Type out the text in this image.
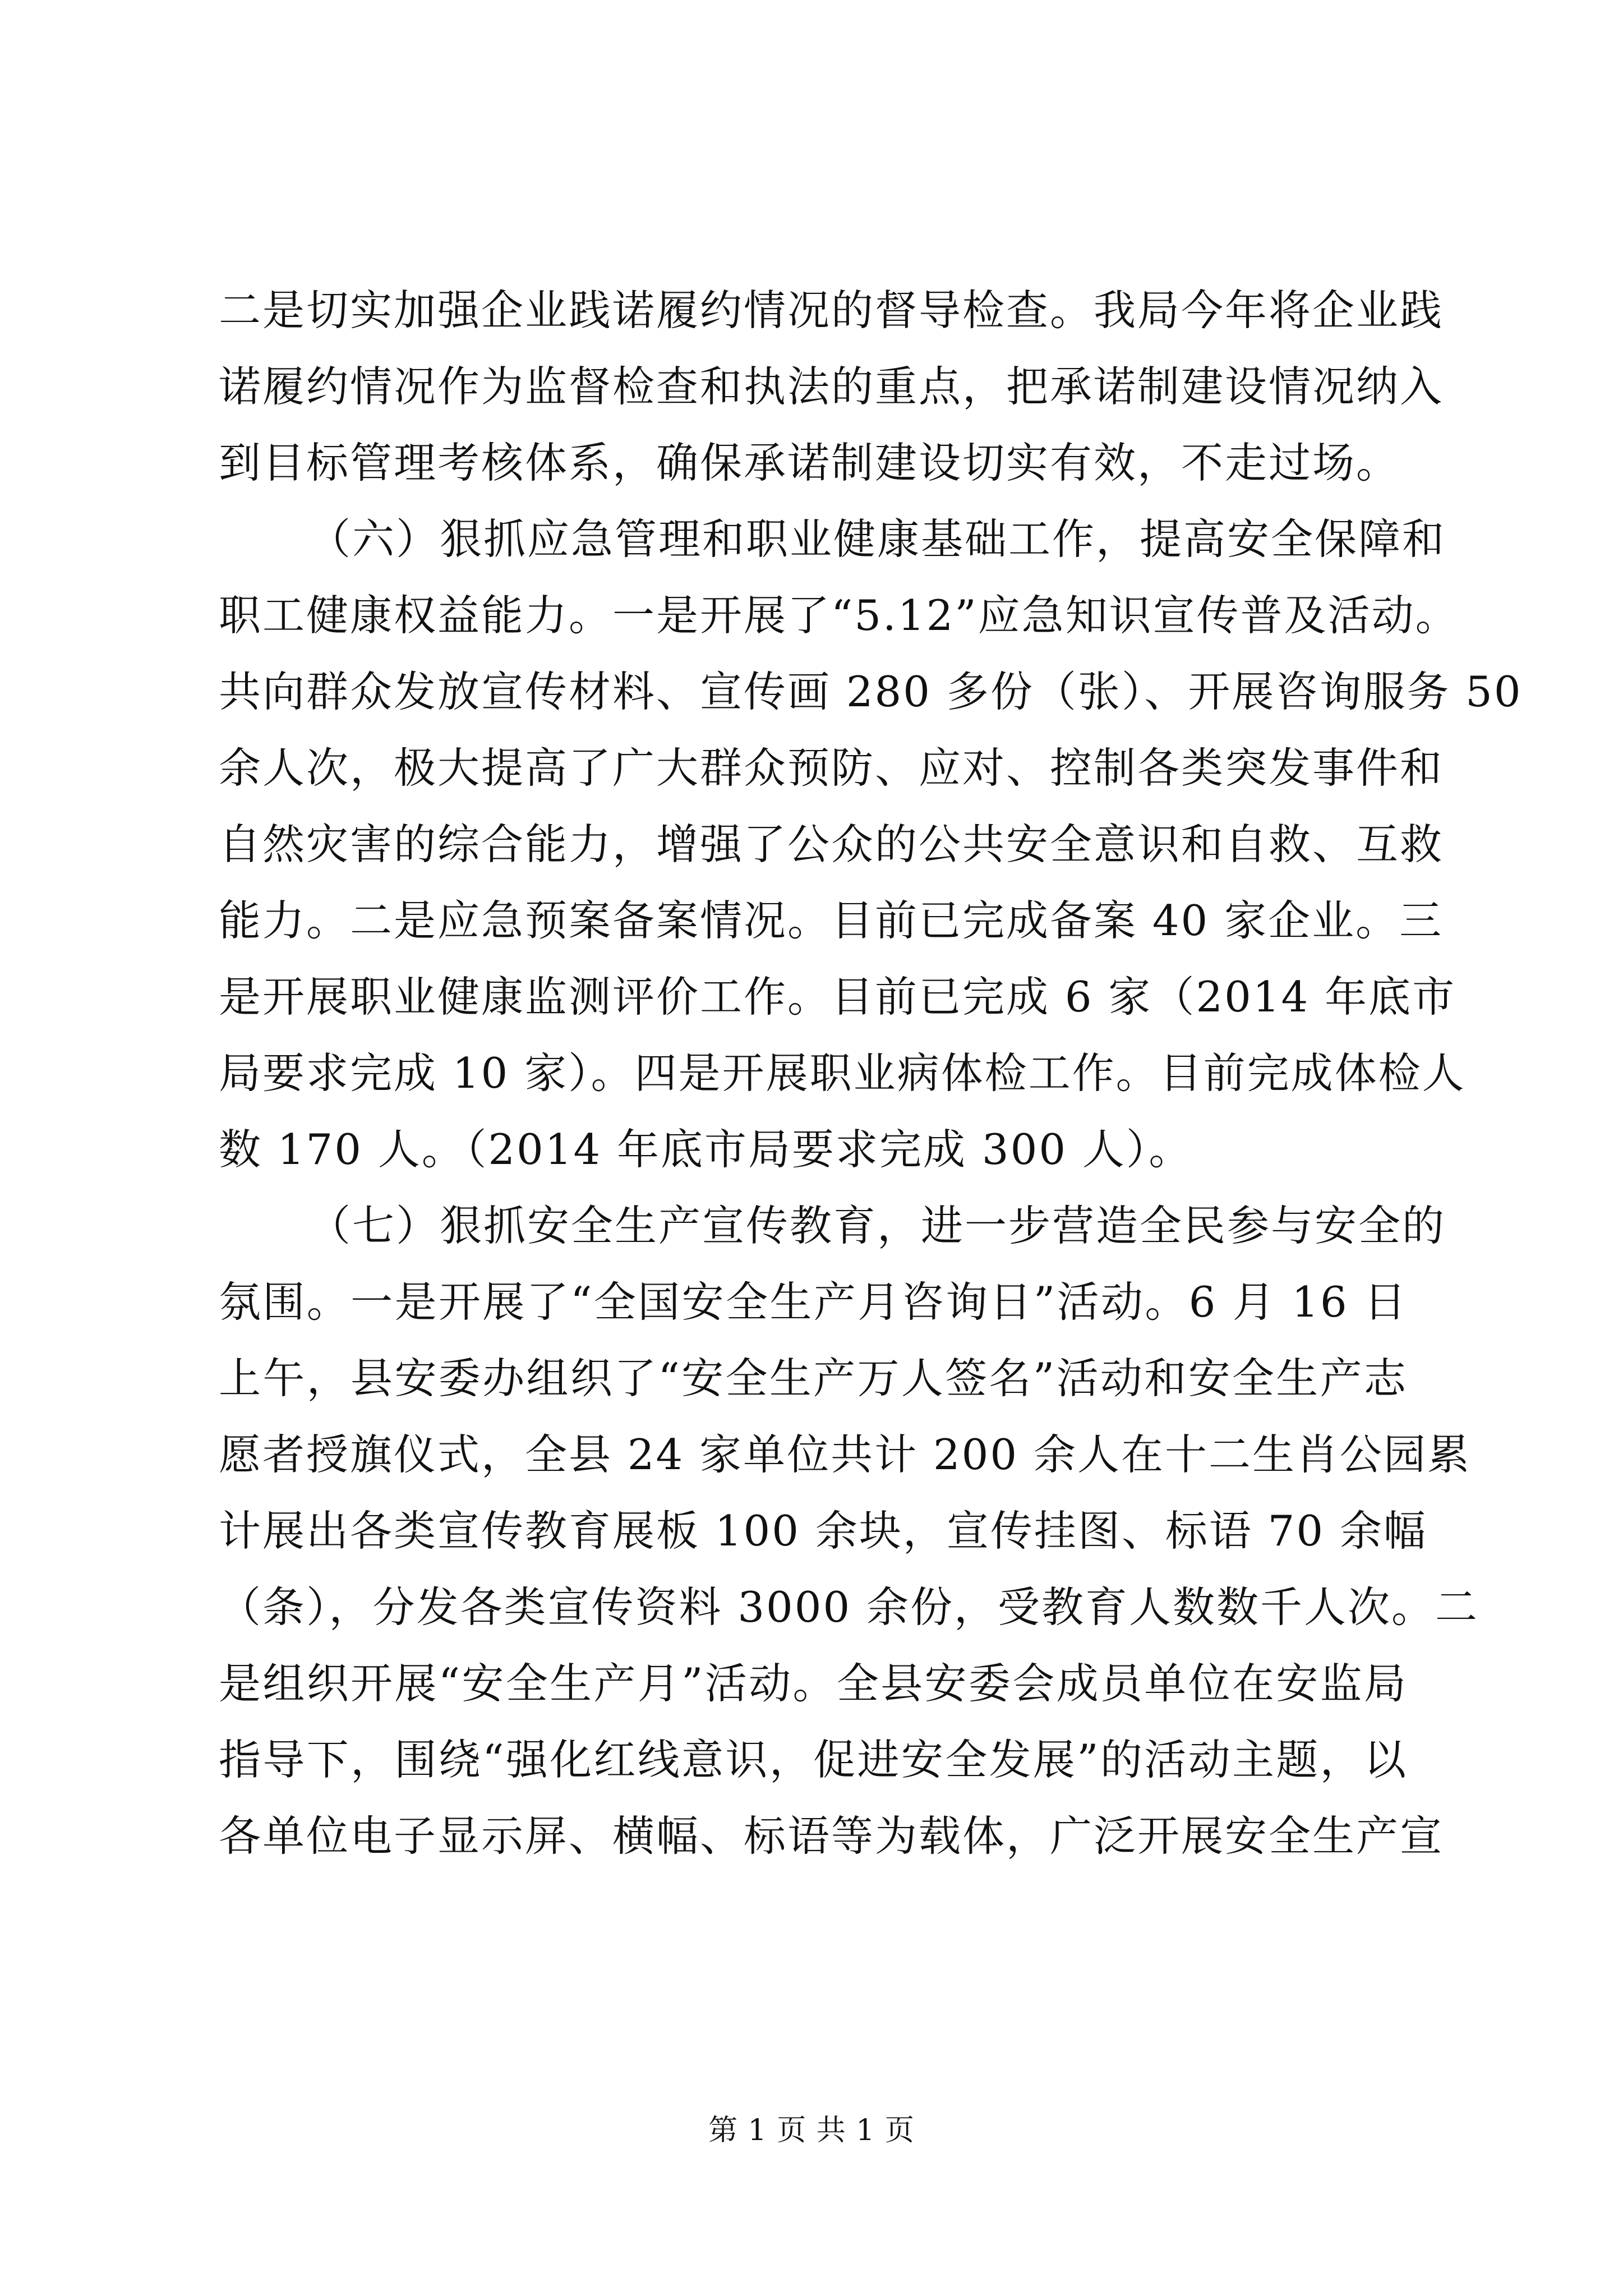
二是切实加强企业践诺履约情况的督导检查。我局今年将企业践
诺履约情况作为监督检查和执法的重点，把承诺制建设情况纳入
到目标管理考核体系，确保承诺制建设切实有效，不走过场。
（六）狠抓应急管理和职业健康基础工作，提高安全保障和
职工健康权益能力。一是开展了“5.12”应急知识宣传普及活动。
共向群众发放宣传材料、宣传画 280 多份（张）、开展咨询服务 50
余人次，极大提高了广大群众预防、应对、控制各类突发事件和
自然灾害的综合能力，增强了公众的公共安全意识和自救、互救
能力。二是应急预案备案情况。目前已完成备案 40 家企业。三
是开展职业健康监测评价工作。目前已完成 6 家（2014 年底市
局要求完成 10 家）。四是开展职业病体检工作。目前完成体检人
数 170 人。（2014 年底市局要求完成 300 人）。
（七）狠抓安全生产宣传教育，进一步营造全民参与安全的
氛围。一是开展了“全国安全生产月咨询日”活动。6 月 16 日
上午，县安委办组织了“安全生产万人签名”活动和安全生产志
愿者授旗仪式，全县 24 家单位共计 200 余人在十二生肖公园累
计展出各类宣传教育展板 100 余块，宣传挂图、标语 70 余幅
（条），分发各类宣传资料 3000 余份，受教育人数数千人次。二
是组织开展“安全生产月”活动。全县安委会成员单位在安监局
指导下，围绕“强化红线意识，促进安全发展”的活动主题，以
各单位电子显示屏、横幅、标语等为载体，广泛开展安全生产宣
第 1 页 共 1 页
